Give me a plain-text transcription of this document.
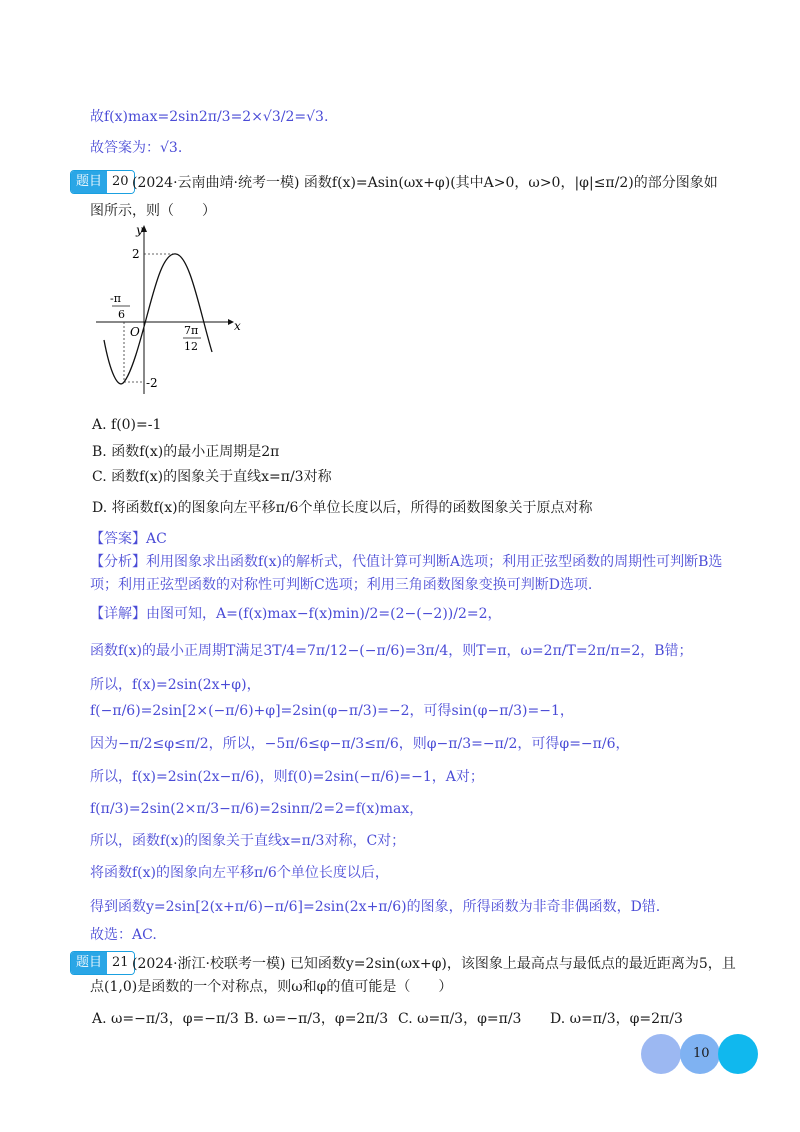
故f(x)max=2sin2π/3=2×√3/2=√3.
故答案为：√3.
题目 20 (2024·云南曲靖·统考一模) 函数f(x)=Asin(ωx+φ)(其中A>0，ω>0，|φ|≤π/2)的部分图象如
图所示，则（　　）
y
x
O
2
-2
-π
6
7π
12
A. f(0)=-1
B. 函数f(x)的最小正周期是2π
C. 函数f(x)的图象关于直线x=π/3对称
D. 将函数f(x)的图象向左平移π/6个单位长度以后，所得的函数图象关于原点对称
【答案】AC
【分析】利用图象求出函数f(x)的解析式，代值计算可判断A选项；利用正弦型函数的周期性可判断B选
项；利用正弦型函数的对称性可判断C选项；利用三角函数图象变换可判断D选项.
【详解】由图可知，A=(f(x)max−f(x)min)/2=(2−(−2))/2=2，
函数f(x)的最小正周期T满足3T/4=7π/12−(−π/6)=3π/4，则T=π，ω=2π/T=2π/π=2，B错；
所以，f(x)=2sin(2x+φ)，
f(−π/6)=2sin[2×(−π/6)+φ]=2sin(φ−π/3)=−2，可得sin(φ−π/3)=−1，
因为−π/2≤φ≤π/2，所以，−5π/6≤φ−π/3≤π/6，则φ−π/3=−π/2，可得φ=−π/6，
所以，f(x)=2sin(2x−π/6)，则f(0)=2sin(−π/6)=−1，A对；
f(π/3)=2sin(2×π/3−π/6)=2sinπ/2=2=f(x)max，
所以，函数f(x)的图象关于直线x=π/3对称，C对；
将函数f(x)的图象向左平移π/6个单位长度以后，
得到函数y=2sin[2(x+π/6)−π/6]=2sin(2x+π/6)的图象，所得函数为非奇非偶函数，D错.
故选：AC.
题目 21 (2024·浙江·校联考一模) 已知函数y=2sin(ωx+φ)，该图象上最高点与最低点的最近距离为5，且
点(1,0)是函数的一个对称点，则ω和φ的值可能是（　　）
A. ω=−π/3，φ=−π/3 B. ω=−π/3，φ=2π/3 C. ω=π/3，φ=π/3 D. ω=π/3，φ=2π/3
10
